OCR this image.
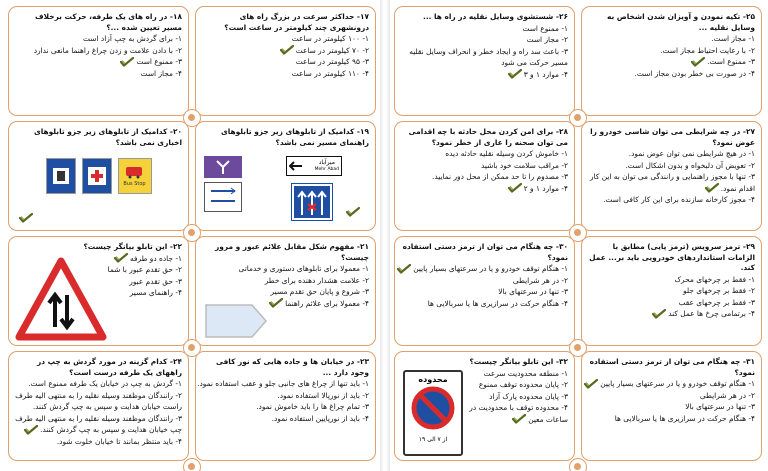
۱۸- در راه های یک طرفه، حرکت برخلاف مسیر تعیین شده ...؟
۱- برای گردش به چپ آزاد است
۲- با دادن علامت و زدن چراغ راهنما مانعی ندارد
۳- ممنوع است
۴- مجاز است
۱۷- حداکثر سرعت در بزرگ راه های درونشهری چند کیلومتر در ساعت است؟
۱- ۱۰۰ کیلومتر در ساعت
۲- ۷۰ کیلومتر در ساعت
۳- ۹۵ کیلومتر در ساعت
۴- ۱۱۰ کیلومتر در ساعت
۲۰- کدامیک از تابلوهای زیر جزو تابلوهای اخباری نمی باشد؟
Bus Stop
۱۹- کدامیک از تابلوهای زیر جزو تابلوهای راهنمای مسیر نمی باشد؟
میرآباد
Mehr Abad
۲۲- این تابلو بیانگر چیست؟
۱- جاده دو طرفه
۲- حق تقدم عبور با شما
۳- حق تقدم عبور
۴- راهنمای مسیر
۲۱- مفهوم شکل مقابل علائم عبور و مرور چیست؟
۱- معمولا برای تابلوهای دستوری و خدماتی
۲- علامت هشدار دهنده برای خطر
۳- شروع و پایان حق تقدم مسیر
۴- معمولا برای علائم راهنما
۲۴- کدام گزینه در مورد گردش به چپ در راههای یک طرفه درست است؟
۱- گردش به چپ در خیابان یک طرفه ممنوع است.
۲- رانندگان موظفند وسیله نقلیه را به منتهی الیه طرف
راست خیابان هدایت و سپس به چپ گردش کنند.
۳- رانندگان موظفند وسیله نقلیه را به منتهی الیه طرف
چپ خیابان هدایت و سپس به چپ گردش کنند.
۴- باید منتظر بمانند تا خیابان خلوت شود.
۲۳- در خیابان ها و جاده هایی که نور کافی وجود دارد ...
۱- باید تنها از چراغ های جانبی جلو و عقب استفاده نمود.
۲- باید از نورپالا استفاده نمود.
۳- تمام چراغ ها را باید خاموش نمود.
۴- باید از نورپایین استفاده نمود.
۲۶- شستشوی وسایل نقلیه در راه ها ...
۱- ممنوع است
۲- مجاز است
۳- باعث سد راه و ایجاد خطر و انحراف وسایل نقلیه
مسیر حرکت می شود
۴- موارد ۱ و ۳
۲۵- تکیه نمودن و آویزان شدن اشخاص به وسایل نقلیه ...
۱- مجاز است.
۲- با رعایت احتیاط مجاز است.
۳- ممنوع است.
۴- در صورت بی خطر بودن مجاز است.
۲۸- برای امن کردن محل حادثه با چه اقدامی می توان صحنه را عاری از خطر نمود؟
۱- خاموش کردن وسیله نقلیه حادثه دیده
۲- مراقب سلامت خود باشید
۳- مصدوم را تا حد ممکن از محل دور نمایید.
۴- موارد ۱ و ۲
۲۷- در چه شرایطی می توان شاسی خودرو را عوض نمود؟
۱- در هیچ شرایطی نمی توان عوض نمود.
۲- تعویض آن دلبخواه و بدون اشکال است.
۳- تنها با مجوز راهنمایی و رانندگی می توان به این کار
اقدام نمود.
۴- مجوز کارخانه سازنده برای این کار کافی است.
۳۰- چه هنگام می توان از ترمز دستی استفاده نمود؟
۱- هنگام توقف خودرو و یا در سرعتهای بسیار پایین
۲- در هر شرایطی
۳- تنها در سرعتهای بالا
۴- هنگام حرکت در سرازیری ها یا سربالایی ها
۲۹- ترمز سرویس (ترمز پایی) مطابق با الزامات استانداردهای خودرویی باید بر... عمل کند.
۱- فقط بر چرخهای محرک
۲- فقط بر چرخهای جلو
۳- فقط بر چرخهای عقب
۴- برتمامی چرخ ها عمل کند
۳۲- این تابلو بیانگر چیست؟
۱- منطقه محدودیت سرعت
۲- پایان محدوده توقف ممنوع
۳- پایان محدوده پارک آزاد
۴- محدوده توقف با محدودیت در
ساعات معین
محدوده
از ۷ الی ۱۹
۳۱- چه هنگام می توان از ترمز دستی استفاده نمود؟
۱- هنگام توقف خودرو و یا در سرعتهای بسیار پایین
۲- در هر شرایطی
۳- تنها در سرعتهای بالا
۴- هنگام حرکت در سرازیری ها یا سربالایی ها
